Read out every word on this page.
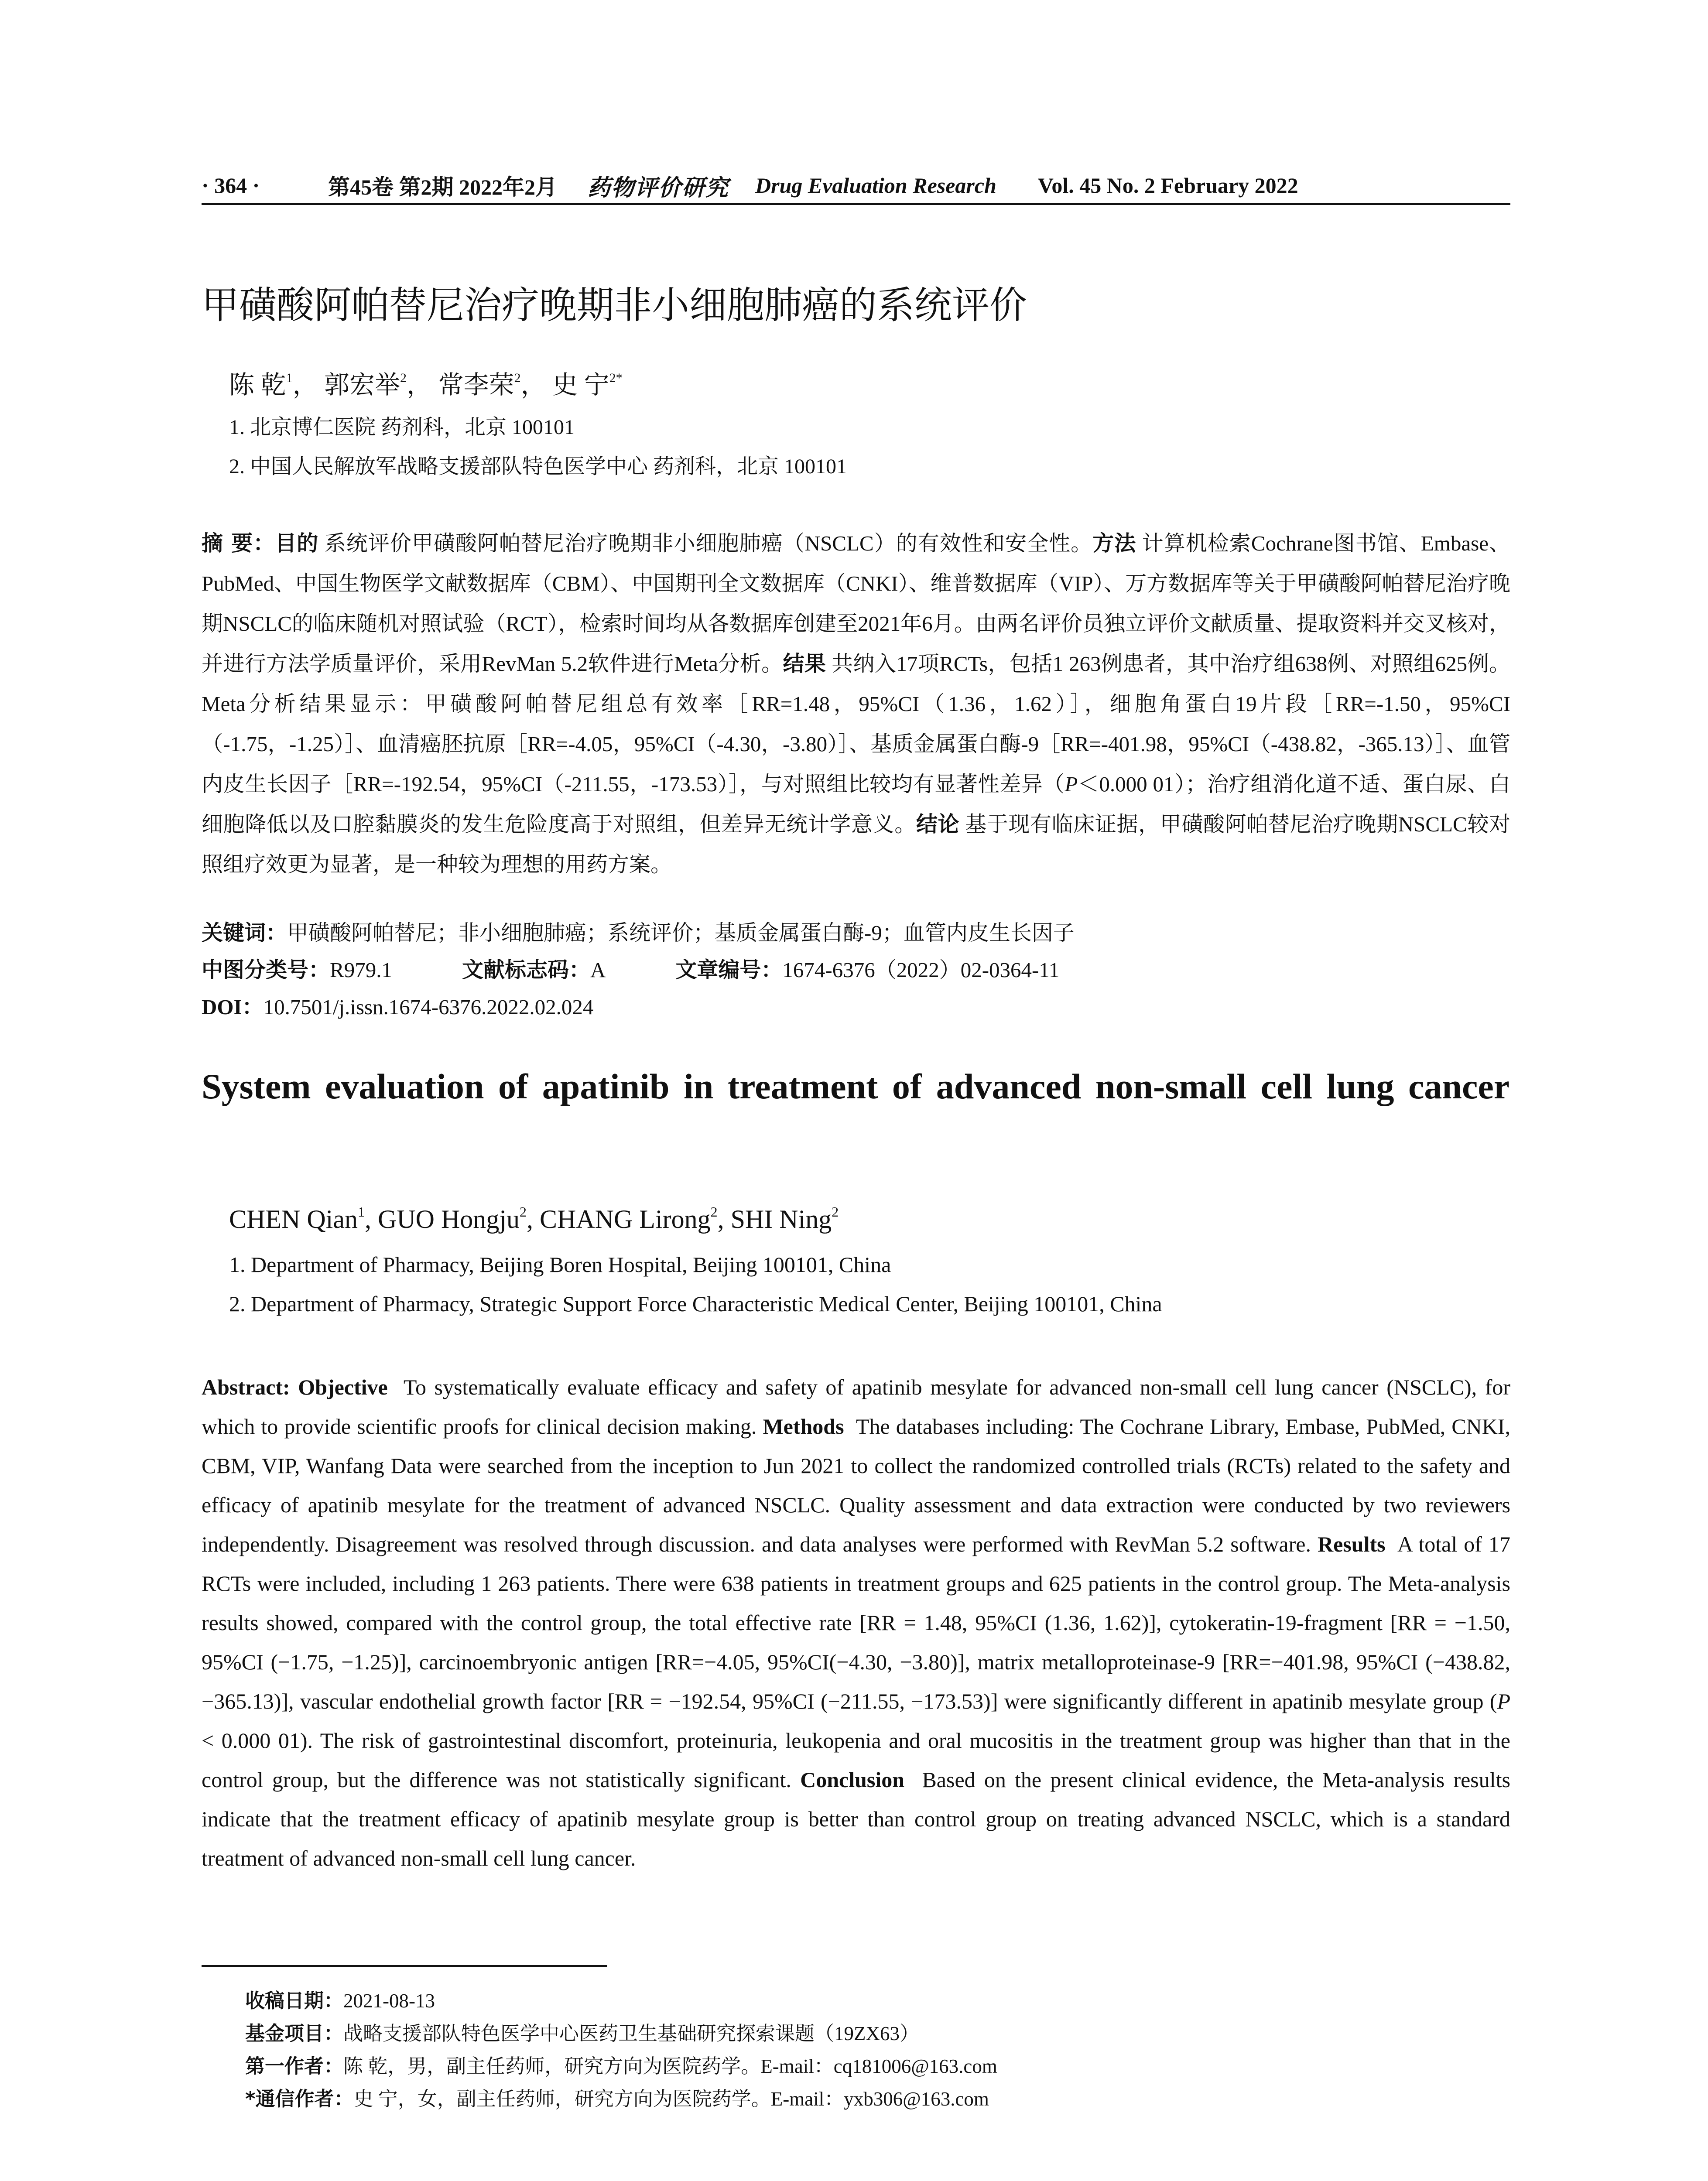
· 364 ·	第45卷 第2期 2022年2月 药物评价研究 Drug Evaluation Research Vol. 45 No. 2 February 2022
甲磺酸阿帕替尼治疗晚期非小细胞肺癌的系统评价
陈 乾$^1$， 郭宏举$^2$， 常李荣$^2$， 史 宁$^{2*}$
1. 北京博仁医院 药剂科，北京 100101
2. 中国人民解放军战略支援部队特色医学中心 药剂科，北京 100101
摘 要：目的 系统评价甲磺酸阿帕替尼治疗晚期非小细胞肺癌（NSCLC）的有效性和安全性。方法 计算机检索Cochrane图书馆、Embase、PubMed、中国生物医学文献数据库（CBM）、中国期刊全文数据库（CNKI）、维普数据库（VIP）、万方数据库等关于甲磺酸阿帕替尼治疗晚期NSCLC的临床随机对照试验（RCT），检索时间均从各数据库创建至2021年6月。由两名评价员独立评价文献质量、提取资料并交叉核对，并进行方法学质量评价，采用RevMan 5.2软件进行Meta分析。结果 共纳入17项RCTs，包括1 263例患者，其中治疗组638例、对照组625例。Meta分析结果显示：甲磺酸阿帕替尼组总有效率［RR=1.48，95%CI（1.36，1.62）］，细胞角蛋白19片段［RR=-1.50，95%CI（-1.75，-1.25）］、血清癌胚抗原［RR=-4.05，95%CI（-4.30，-3.80）］、基质金属蛋白酶-9［RR=-401.98，95%CI（-438.82，-365.13）］、血管内皮生长因子［RR=-192.54，95%CI（-211.55，-173.53）］，与对照组比较均有显著性差异（P＜0.000 01）；治疗组消化道不适、蛋白尿、白细胞降低以及口腔黏膜炎的发生危险度高于对照组，但差异无统计学意义。结论 基于现有临床证据，甲磺酸阿帕替尼治疗晚期NSCLC较对照组疗效更为显著，是一种较为理想的用药方案。
关键词：甲磺酸阿帕替尼；非小细胞肺癌；系统评价；基质金属蛋白酶-9；血管内皮生长因子
中图分类号：R979.1	文献标志码：A	文章编号：1674-6376（2022）02-0364-11
DOI：10.7501/j.issn.1674-6376.2022.02.024
System evaluation of apatinib in treatment of advanced non-small cell lung cancer
CHEN Qian$^1$, GUO Hongju$^2$, CHANG Lirong$^2$, SHI Ning$^2$
1. Department of Pharmacy, Beijing Boren Hospital, Beijing 100101, China
2. Department of Pharmacy, Strategic Support Force Characteristic Medical Center, Beijing 100101, China
Abstract: Objective To systematically evaluate efficacy and safety of apatinib mesylate for advanced non-small cell lung cancer (NSCLC), for which to provide scientific proofs for clinical decision making. Methods The databases including: The Cochrane Library, Embase, PubMed, CNKI, CBM, VIP, Wanfang Data were searched from the inception to Jun 2021 to collect the randomized controlled trials (RCTs) related to the safety and efficacy of apatinib mesylate for the treatment of advanced NSCLC. Quality assessment and data extraction were conducted by two reviewers independently. Disagreement was resolved through discussion. and data analyses were performed with RevMan 5.2 software. Results A total of 17 RCTs were included, including 1 263 patients. There were 638 patients in treatment groups and 625 patients in the control group. The Meta-analysis results showed, compared with the control group, the total effective rate [RR = 1.48, 95%CI (1.36, 1.62)], cytokeratin-19-fragment [RR = −1.50, 95%CI (−1.75, −1.25)], carcinoembryonic antigen [RR=−4.05, 95%CI(−4.30, −3.80)], matrix metalloproteinase-9 [RR=−401.98, 95%CI (−438.82, −365.13)], vascular endothelial growth factor [RR = −192.54, 95%CI (−211.55, −173.53)] were significantly different in apatinib mesylate group (P < 0.000 01). The risk of gastrointestinal discomfort, proteinuria, leukopenia and oral mucositis in the treatment group was higher than that in the control group, but the difference was not statistically significant. Conclusion Based on the present clinical evidence, the Meta-analysis results indicate that the treatment efficacy of apatinib mesylate group is better than control group on treating advanced NSCLC, which is a standard treatment of advanced non-small cell lung cancer.
收稿日期：2021-08-13
基金项目：战略支援部队特色医学中心医药卫生基础研究探索课题（19ZX63）
第一作者：陈 乾，男，副主任药师，研究方向为医院药学。E-mail：cq181006@163.com
*通信作者：史 宁，女，副主任药师，研究方向为医院药学。E-mail：yxb306@163.com
